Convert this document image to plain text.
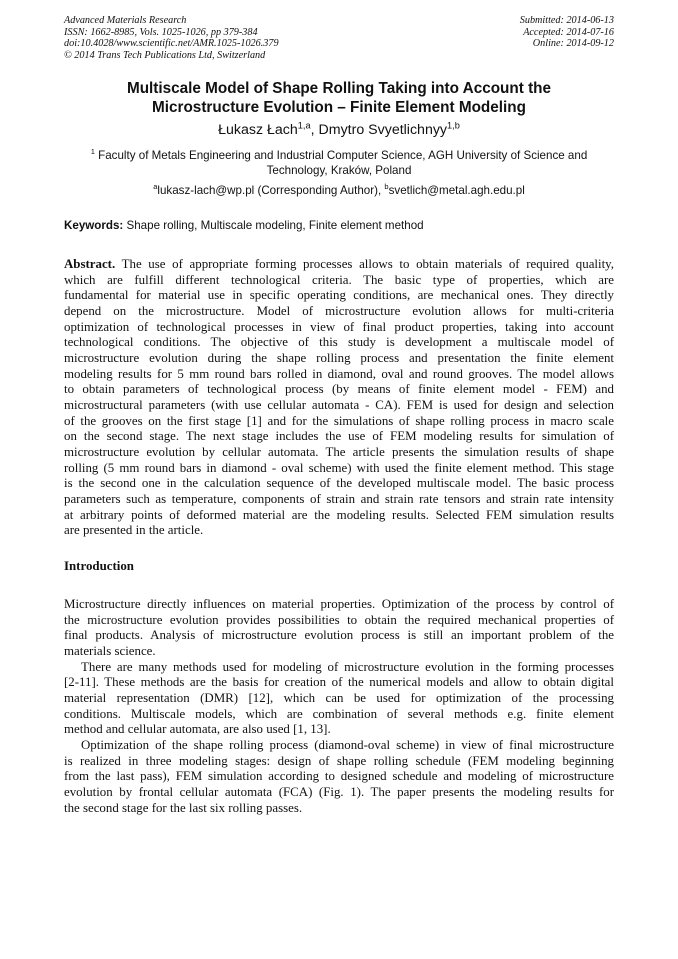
Advanced Materials Research
ISSN: 1662-8985, Vols. 1025-1026, pp 379-384
doi:10.4028/www.scientific.net/AMR.1025-1026.379
© 2014 Trans Tech Publications Ltd, Switzerland
Submitted: 2014-06-13
Accepted: 2014-07-16
Online: 2014-09-12
Multiscale Model of Shape Rolling Taking into Account the
Microstructure Evolution – Finite Element Modeling
Łukasz Łach$^{1,a}$, Dmytro Svyetlichnyy$^{1,b}$
$^1$ Faculty of Metals Engineering and Industrial Computer Science, AGH University of Science and
Technology, Kraków, Poland
$^a$lukasz-lach@wp.pl (Corresponding Author), $^b$svetlich@metal.agh.edu.pl
Keywords: Shape rolling, Multiscale modeling, Finite element method
Abstract. The use of appropriate forming processes allows to obtain materials of required quality,
which are fulfill different technological criteria. The basic type of properties, which are
fundamental for material use in specific operating conditions, are mechanical ones. They directly
depend on the microstructure. Model of microstructure evolution allows for multi-criteria
optimization of technological processes in view of final product properties, taking into account
technological conditions. The objective of this study is development a multiscale model of
microstructure evolution during the shape rolling process and presentation the finite element
modeling results for 5 mm round bars rolled in diamond, oval and round grooves. The model allows
to obtain parameters of technological process (by means of finite element model - FEM) and
microstructural parameters (with use cellular automata - CA). FEM is used for design and selection
of the grooves on the first stage [1] and for the simulations of shape rolling process in macro scale
on the second stage. The next stage includes the use of FEM modeling results for simulation of
microstructure evolution by cellular automata. The article presents the simulation results of shape
rolling (5 mm round bars in diamond - oval scheme) with used the finite element method. This stage
is the second one in the calculation sequence of the developed multiscale model. The basic process
parameters such as temperature, components of strain and strain rate tensors and strain rate intensity
at arbitrary points of deformed material are the modeling results. Selected FEM simulation results
are presented in the article.
Introduction
Microstructure directly influences on material properties. Optimization of the process by control of
the microstructure evolution provides possibilities to obtain the required mechanical properties of
final products. Analysis of microstructure evolution process is still an important problem of the
materials science.
There are many methods used for modeling of microstructure evolution in the forming processes
[2-11]. These methods are the basis for creation of the numerical models and allow to obtain digital
material representation (DMR) [12], which can be used for optimization of the processing
conditions. Multiscale models, which are combination of several methods e.g. finite element
method and cellular automata, are also used [1, 13].
Optimization of the shape rolling process (diamond-oval scheme) in view of final microstructure
is realized in three modeling stages: design of shape rolling schedule (FEM modeling beginning
from the last pass), FEM simulation according to designed schedule and modeling of microstructure
evolution by frontal cellular automata (FCA) (Fig. 1). The paper presents the modeling results for
the second stage for the last six rolling passes.
